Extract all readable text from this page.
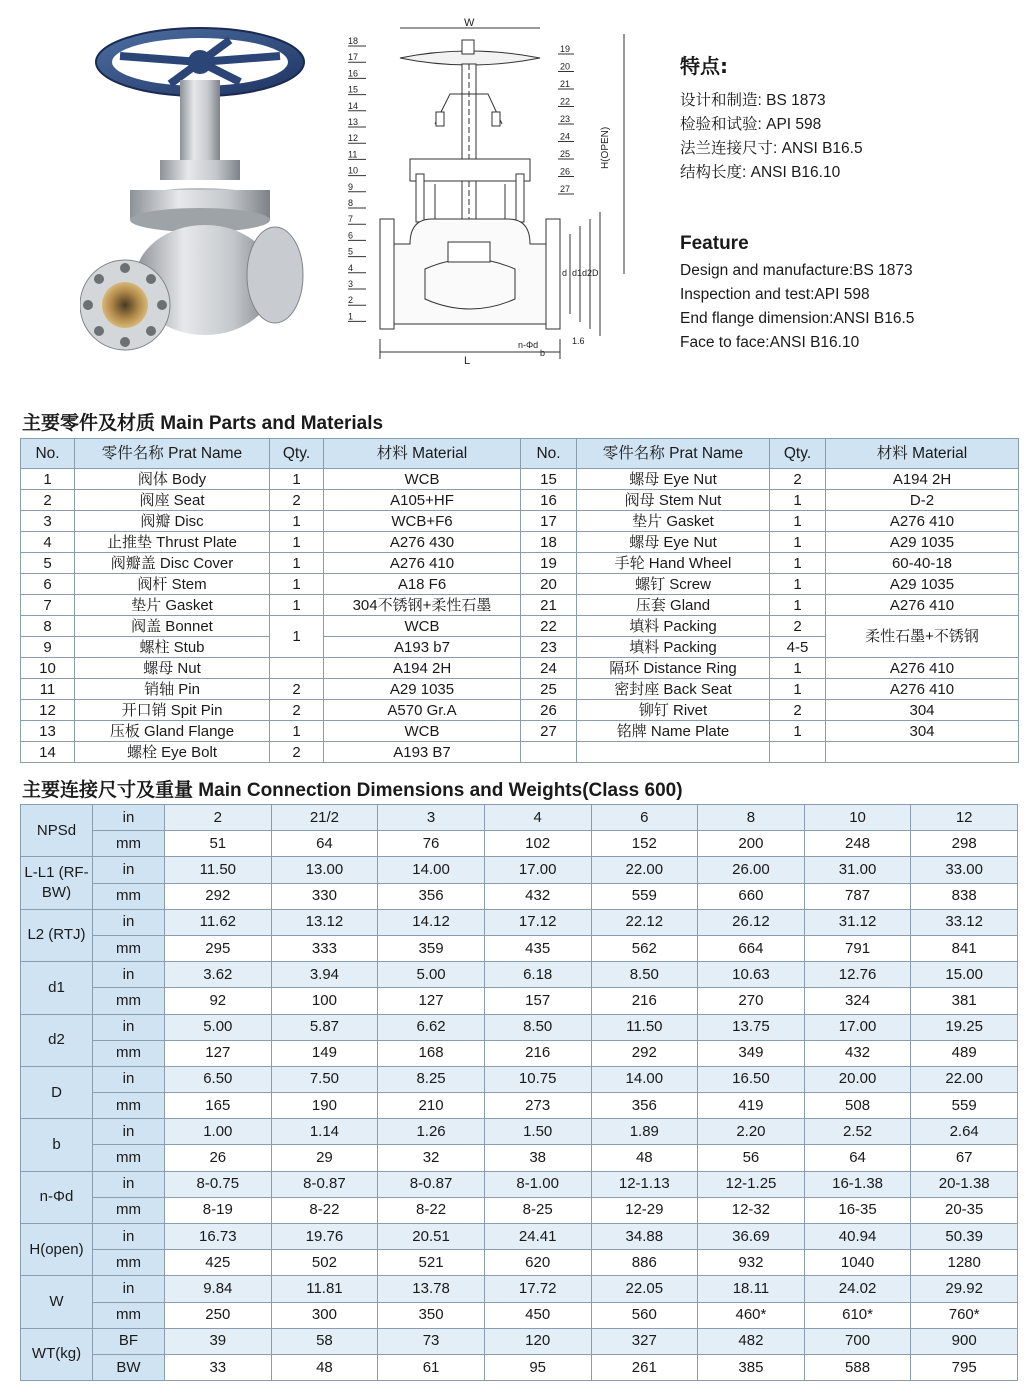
W
L
H(OPEN)
d d1 d2 D
n-Φd
b
1.6
18
17
16
15
14
13
12
11
10
9
8
7
6
5
4
3
2
1
19
20
21
22
23
24
25
26
27
特点:
设计和制造: BS 1873
检验和试验: API 598
法兰连接尺寸: ANSI B16.5
结构长度: ANSI B16.10
Feature
Design and manufacture:BS 1873
Inspection and test:API 598
End flange dimension:ANSI B16.5
Face to face:ANSI B16.10
主要零件及材质 Main Parts and Materials
No.	零件名称 Prat Name	Qty.	材料 Material	No.	零件名称 Prat Name	Qty.	材料 Material
1	阀体 Body	1	WCB	15	螺母 Eye Nut	2	A194 2H
2	阀座 Seat	2	A105+HF	16	阀母 Stem Nut	1	D-2
3	阀瓣 Disc	1	WCB+F6	17	垫片 Gasket	1	A276 410
4	止推垫 Thrust Plate	1	A276 430	18	螺母 Eye Nut	1	A29 1035
5	阀瓣盖 Disc Cover	1	A276 410	19	手轮 Hand Wheel	1	60-40-18
6	阀杆 Stem	1	A18 F6	20	螺钉 Screw	1	A29 1035
7	垫片 Gasket	1	304不锈钢+柔性石墨	21	压套 Gland	1	A276 410
8	阀盖 Bonnet	1	WCB	22	填料 Packing	2	柔性石墨+不锈钢
9	螺柱 Stub		A193 b7	23	填料 Packing	4-5	
10	螺母 Nut		A194 2H	24	隔环 Distance Ring	1	A276 410
11	销轴 Pin	2	A29 1035	25	密封座 Back Seat	1	A276 410
12	开口销 Spit Pin	2	A570 Gr.A	26	铆钉 Rivet	2	304
13	压板 Gland Flange	1	WCB	27	铭牌 Name Plate	1	304
14	螺栓 Eye Bolt	2	A193 B7				
主要连接尺寸及重量 Main Connection Dimensions and Weights(Class 600)
NPSd	in	2	21/2	3	4	6	8	10	12
	mm	51	64	76	102	152	200	248	298
L-L1 (RF-BW)	in	11.50	13.00	14.00	17.00	22.00	26.00	31.00	33.00
	mm	292	330	356	432	559	660	787	838
L2 (RTJ)	in	11.62	13.12	14.12	17.12	22.12	26.12	31.12	33.12
	mm	295	333	359	435	562	664	791	841
d1	in	3.62	3.94	5.00	6.18	8.50	10.63	12.76	15.00
	mm	92	100	127	157	216	270	324	381
d2	in	5.00	5.87	6.62	8.50	11.50	13.75	17.00	19.25
	mm	127	149	168	216	292	349	432	489
D	in	6.50	7.50	8.25	10.75	14.00	16.50	20.00	22.00
	mm	165	190	210	273	356	419	508	559
b	in	1.00	1.14	1.26	1.50	1.89	2.20	2.52	2.64
	mm	26	29	32	38	48	56	64	67
n-Φd	in	8-0.75	8-0.87	8-0.87	8-1.00	12-1.13	12-1.25	16-1.38	20-1.38
	mm	8-19	8-22	8-22	8-25	12-29	12-32	16-35	20-35
H(open)	in	16.73	19.76	20.51	24.41	34.88	36.69	40.94	50.39
	mm	425	502	521	620	886	932	1040	1280
W	in	9.84	11.81	13.78	17.72	22.05	18.11	24.02	29.92
	mm	250	300	350	450	560	460*	610*	760*
WT(kg)	BF	39	58	73	120	327	482	700	900
	BW	33	48	61	95	261	385	588	795
